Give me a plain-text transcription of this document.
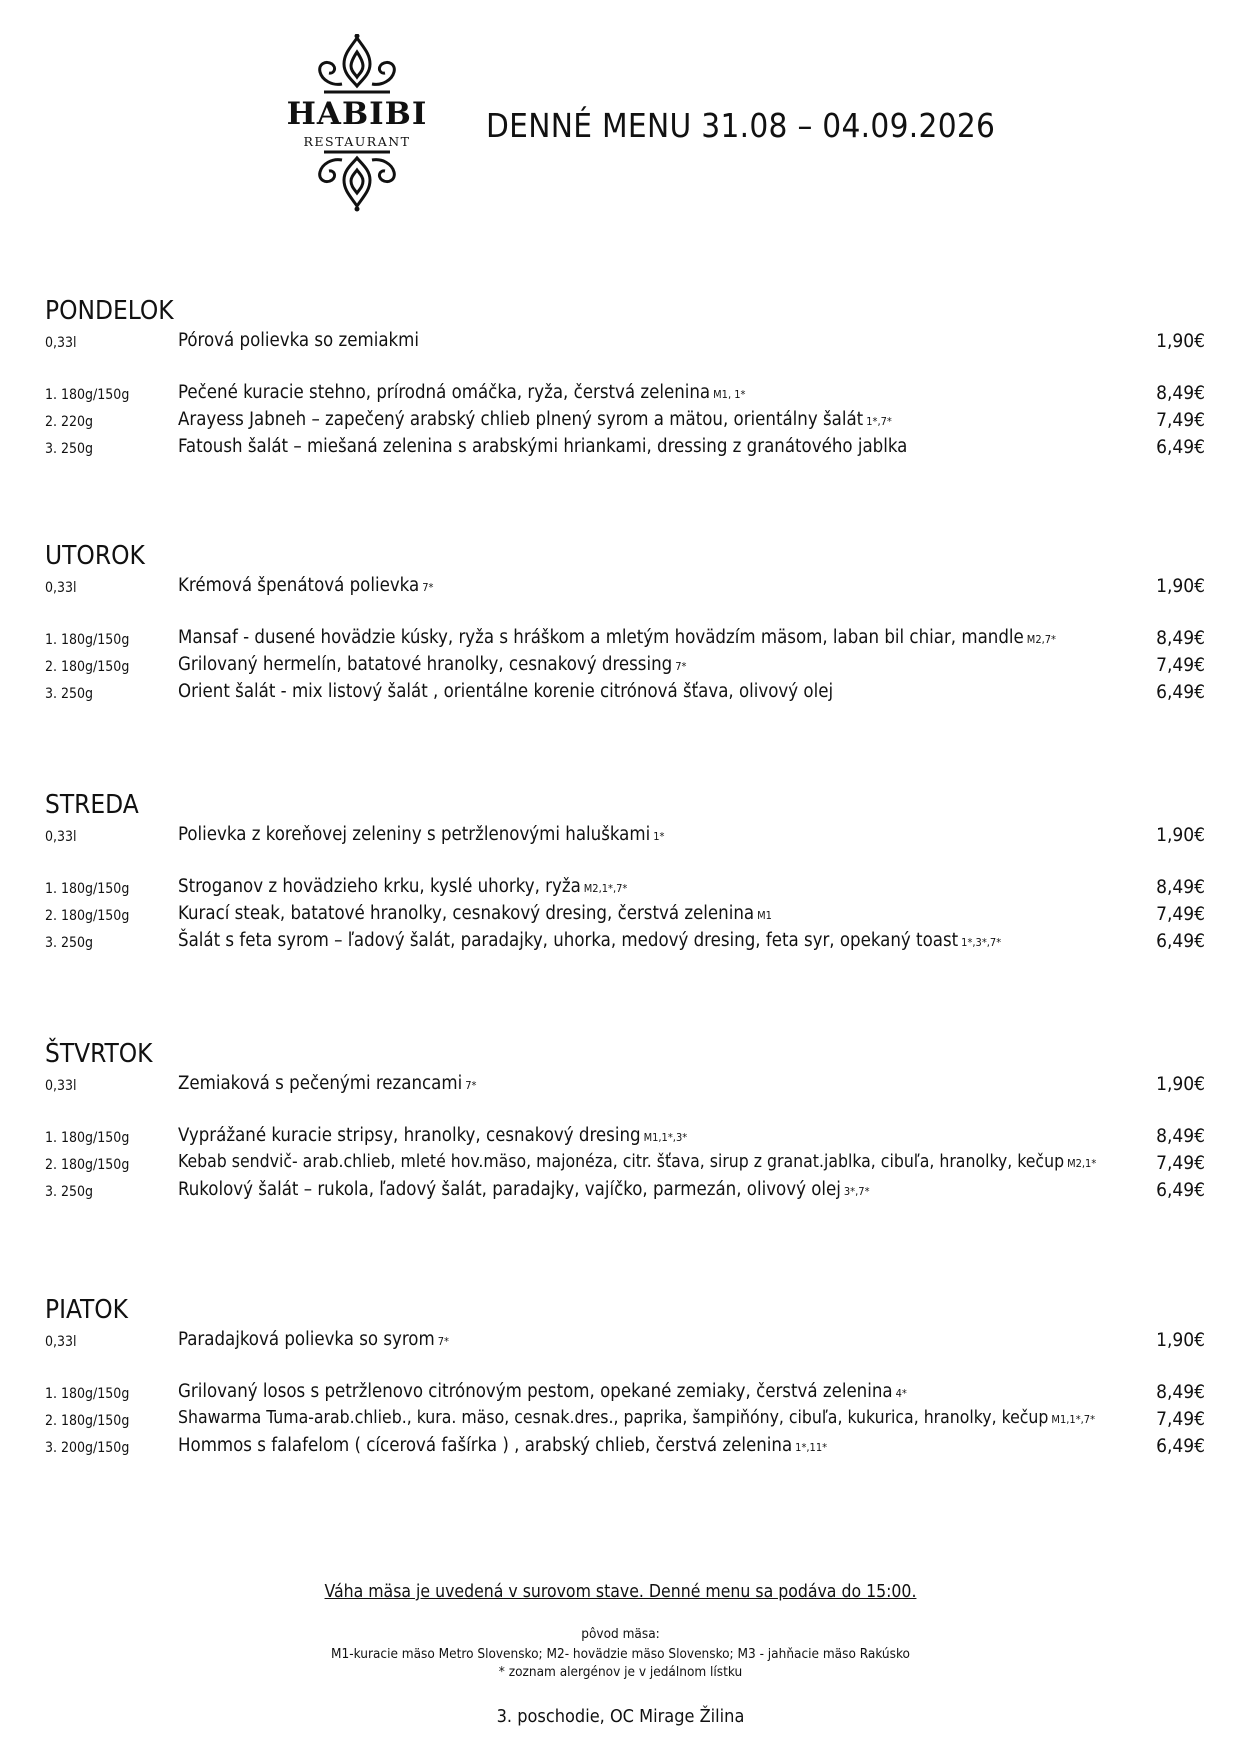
HABIBI
RESTAURANT	DENNÉ MENU 31.08 – 04.09.2026
PONDELOK
0,33l	Pórová polievka so zemiakmi	1,90€
1. 180g/150g	Pečené kuracie stehno, prírodná omáčka, ryža, čerstvá zelenina M1, 1*	8,49€
2. 220g	Arayess Jabneh – zapečený arabský chlieb plnený syrom a mätou, orientálny šalát 1*,7*	7,49€
3. 250g	Fatoush šalát – miešaná zelenina s arabskými hriankami, dressing z granátového jablka	6,49€
UTOROK
0,33l	Krémová špenátová polievka 7*	1,90€
1. 180g/150g	Mansaf - dusené hovädzie kúsky, ryža s hráškom a mletým hovädzím mäsom, laban bil chiar, mandle M2,7*	8,49€
2. 180g/150g	Grilovaný hermelín, batatové hranolky, cesnakový dressing 7*	7,49€
3. 250g	Orient šalát - mix listový šalát , orientálne korenie citrónová šťava, olivový olej	6,49€
STREDA
0,33l	Polievka z koreňovej zeleniny s petržlenovými haluškami 1*	1,90€
1. 180g/150g	Stroganov z hovädzieho krku, kyslé uhorky, ryža M2,1*,7*	8,49€
2. 180g/150g	Kurací steak, batatové hranolky, cesnakový dresing, čerstvá zelenina M1	7,49€
3. 250g	Šalát s feta syrom – ľadový šalát, paradajky, uhorka, medový dresing, feta syr, opekaný toast 1*,3*,7*	6,49€
ŠTVRTOK
0,33l	Zemiaková s pečenými rezancami 7*	1,90€
1. 180g/150g	Vyprážané kuracie stripsy, hranolky, cesnakový dresing M1,1*,3*	8,49€
2. 180g/150g	Kebab sendvič- arab.chlieb, mleté hov.mäso, majonéza, citr. šťava, sirup z granat.jablka, cibuľa, hranolky, kečup M2,1*	7,49€
3. 250g	Rukolový šalát – rukola, ľadový šalát, paradajky, vajíčko, parmezán, olivový olej 3*,7*	6,49€
PIATOK
0,33l	Paradajková polievka so syrom 7*	1,90€
1. 180g/150g	Grilovaný losos s petržlenovo citrónovým pestom, opekané zemiaky, čerstvá zelenina 4*	8,49€
2. 180g/150g	Shawarma Tuma-arab.chlieb., kura. mäso, cesnak.dres., paprika, šampiňóny, cibuľa, kukurica, hranolky, kečup M1,1*,7*	7,49€
3. 200g/150g	Hommos s falafelom ( cícerová fašírka ) , arabský chlieb, čerstvá zelenina 1*,11*	6,49€
Váha mäsa je uvedená v surovom stave. Denné menu sa podáva do 15:00.
pôvod mäsa:
M1-kuracie mäso Metro Slovensko; M2- hovädzie mäso Slovensko; M3 - jahňacie mäso Rakúsko
* zoznam alergénov je v jedálnom lístku
3. poschodie, OC Mirage Žilina
